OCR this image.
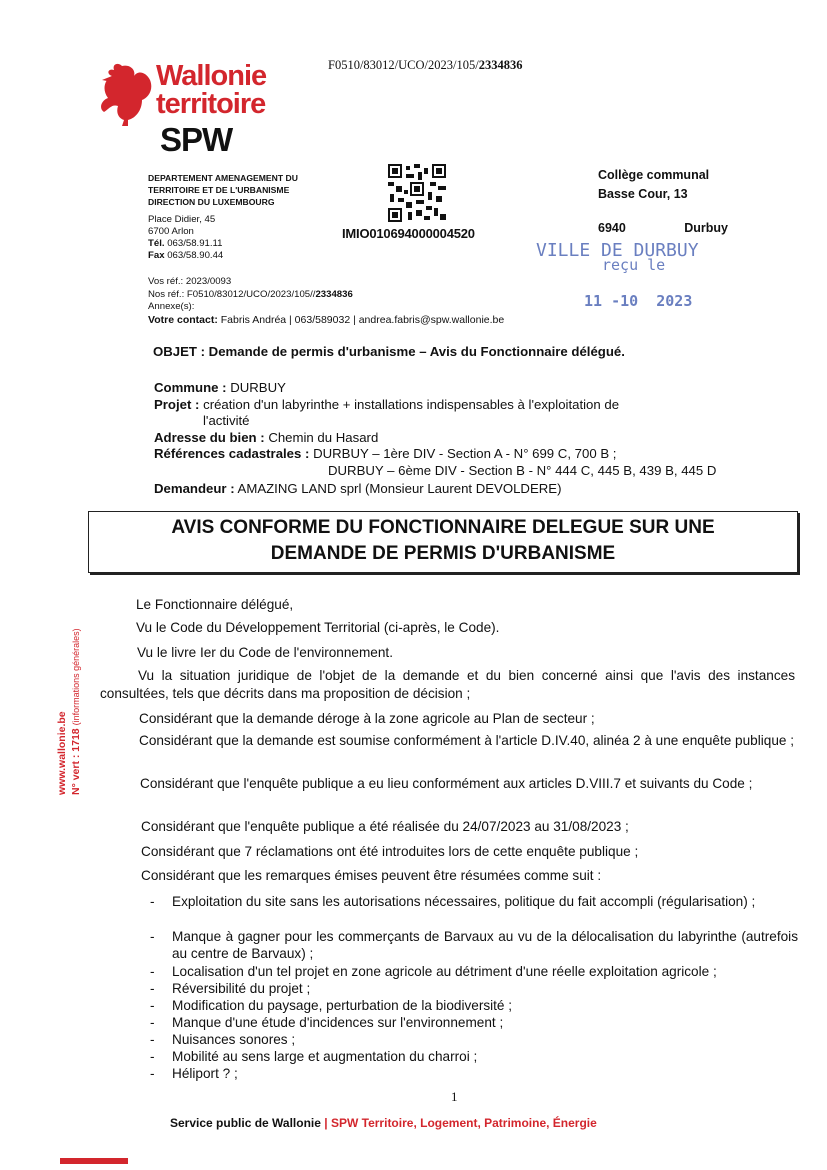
F0510/83012/UCO/2023/105/2334836
Wallonie
territoire
SPW
DEPARTEMENT AMENAGEMENT DU
TERRITOIRE ET DE L'URBANISME
DIRECTION DU LUXEMBOURG
Place Didier, 45
6700 Arlon
Tél. 063/58.91.11
Fax 063/58.90.44
Vos réf.: 2023/0093
Nos réf.: F0510/83012/UCO/2023/105//2334836
Annexe(s):
Votre contact: Fabris Andréa | 063/589032 | andrea.fabris@spw.wallonie.be
IMIO010694000004520
Collège communal
Basse Cour, 13
6940	Durbuy
VILLE DE DURBUY
reçu le
11 -10  2023
OBJET : Demande de permis d'urbanisme – Avis du Fonctionnaire délégué.
Commune : DURBUY
Projet : création d'un labyrinthe + installations indispensables à l'exploitation de
l'activité
Adresse du bien : Chemin du Hasard
Références cadastrales : DURBUY – 1ère DIV - Section A - N° 699 C, 700 B ;
DURBUY – 6ème DIV - Section B - N° 444 C, 445 B, 439 B, 445 D
Demandeur : AMAZING LAND sprl (Monsieur Laurent DEVOLDERE)
AVIS CONFORME DU FONCTIONNAIRE DELEGUE SUR UNE
DEMANDE DE PERMIS D'URBANISME
www.wallonie.be N° vert : 1718 (informations générales)
Le Fonctionnaire délégué,
Vu le Code du Développement Territorial (ci-après, le Code).
Vu le livre Ier du Code de l'environnement.
Vu la situation juridique de l'objet de la demande et du bien concerné ainsi que l'avis des instances consultées, tels que décrits dans ma proposition de décision ;
Considérant que la demande déroge à la zone agricole au Plan de secteur ;
Considérant que la demande est soumise conformément à l'article D.IV.40, alinéa 2 à une enquête publique ;
Considérant que l'enquête publique a eu lieu conformément aux articles D.VIII.7 et suivants du Code ;
Considérant que l'enquête publique a été réalisée du 24/07/2023 au 31/08/2023 ;
Considérant que 7 réclamations ont été introduites lors de cette enquête publique ;
Considérant que les remarques émises peuvent être résumées comme suit :
- Exploitation du site sans les autorisations nécessaires, politique du fait accompli (régularisation) ;
- Manque à gagner pour les commerçants de Barvaux au vu de la délocalisation du labyrinthe (autrefois au centre de Barvaux) ;
- Localisation d'un tel projet en zone agricole au détriment d'une réelle exploitation agricole ;
- Réversibilité du projet ;
- Modification du paysage, perturbation de la biodiversité ;
- Manque d'une étude d'incidences sur l'environnement ;
- Nuisances sonores ;
- Mobilité au sens large et augmentation du charroi ;
- Héliport ? ;
1
Service public de Wallonie | SPW Territoire, Logement, Patrimoine, Énergie
